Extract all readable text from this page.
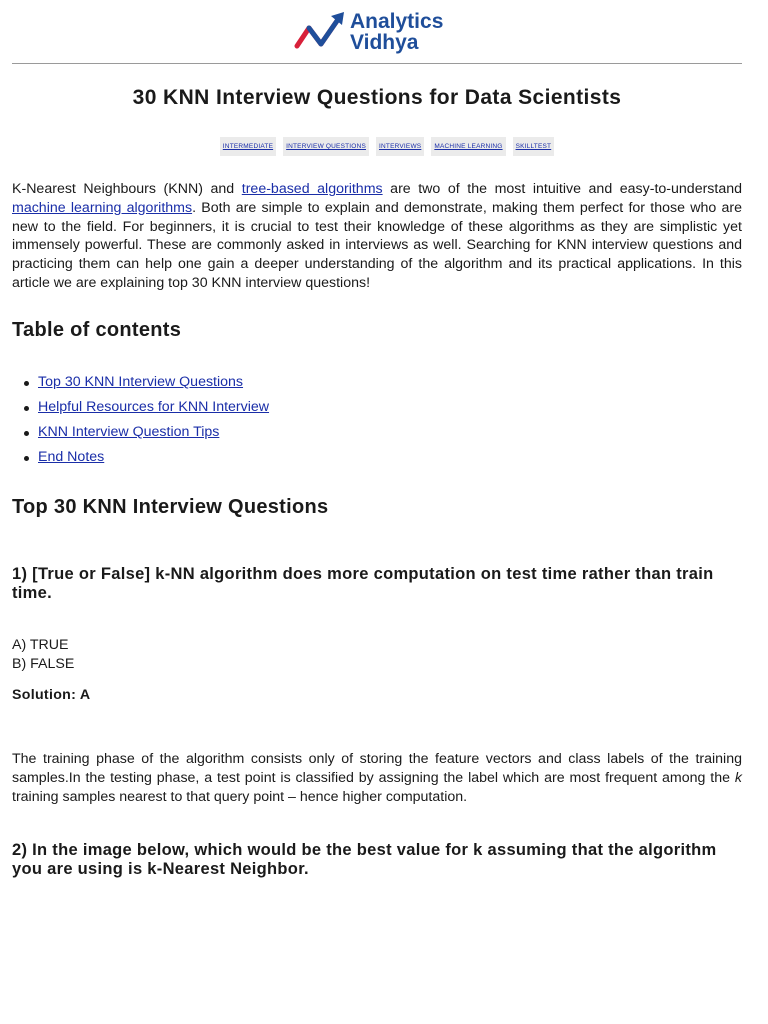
Analytics
Vidhya
30 KNN Interview Questions for Data Scientists
INTERMEDIATE	INTERVIEW QUESTIONS	INTERVIEWS	MACHINE LEARNING	SKILLTEST

K-Nearest Neighbours (KNN) and tree-based algorithms are two of the most intuitive and easy-to-understand machine learning algorithms. Both are simple to explain and demonstrate, making them perfect for those who are new to the field. For beginners, it is crucial to test their knowledge of these algorithms as they are simplistic yet immensely powerful. These are commonly asked in interviews as well. Searching for KNN interview questions and practicing them can help one gain a deeper understanding of the algorithm and its practical applications. In this article we are explaining top 30 KNN interview questions!

Table of contents
Top 30 KNN Interview Questions
Helpful Resources for KNN Interview
KNN Interview Question Tips
End Notes
Top 30 KNN Interview Questions
1) [True or False] k-NN algorithm does more computation on test time rather than train time.
A) TRUE
B) FALSE
Solution: A

The training phase of the algorithm consists only of storing the feature vectors and class labels of the training samples.In the testing phase, a test point is classified by assigning the label which are most frequent among the k training samples nearest to that query point – hence higher computation.

2) In the image below, which would be the best value for k assuming that the algorithm you are using is k-Nearest Neighbor.
